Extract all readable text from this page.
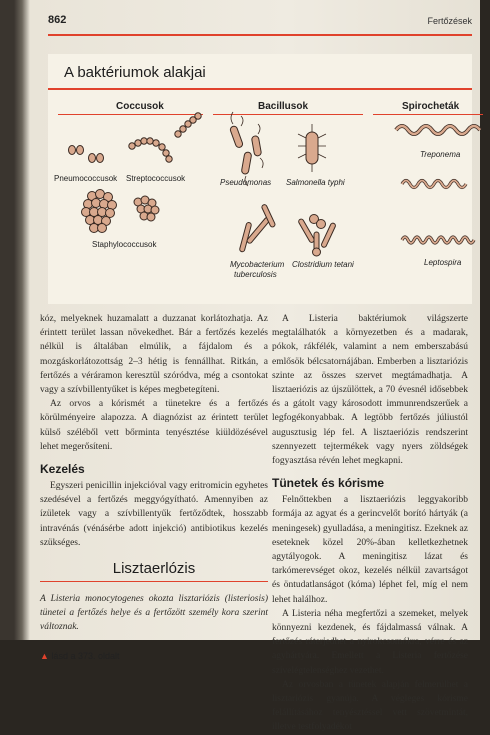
862	Fertőzések
A baktériumok alakjai
Coccusok	Bacillusok	Spirocheták
Pneumococcusok Streptococcusok
Staphylococcusok
Pseudomonas Salmonella typhi
Mycobacterium
tuberculosis
Clostridium tetani
Treponema
Leptospira

kóz, melyeknek huzamalatt a duzzanat korlátozhatja. Az érintett terület lassan növekedhet. Bár a fertőzés kezelés nélkül is általában elmúlik, a fájdalom és a mozgáskorlátozottság 2–3 hétig is fennállhat. Ritkán, a fertőzés a véráramon keresztül szóródva, még a csontokat vagy a szívbillentyűket is képes megbetegíteni.

Az orvos a kórismét a tünetekre és a fertőzés körülményeire alapozza. A diagnózist az érintett terület külső széléből vett bőrminta tenyésztése kiüldözésével lehet megerősíteni.

Kezelés

Egyszeri penicillin injekcióval vagy eritromicin egyhetes szedésével a fertőzés meggyógyítható. Amennyiben az ízületek vagy a szívbillentyűk fertőződtek, hosszabb intravénás (vénásérbe adott injekció) antibiotikus kezelés szükséges.

Lisztaerlózis

A Listeria monocytogenes okozta lisztariózis (listeriosis) tünetei a fertőzés helye és a fertőzött személy kora szerint változnak.

▲ lásd a 373. oldalt

A Listeria baktériumok világszerte megtalálhatók a környezetben és a madarak, pókok, rákfélék, valamint a nem emberszabású emlősök bélcsatornájában. Emberben a lisztariózis szinte az összes szervet megtámadhatja. A lisztaeriózis az újszülöttek, a 70 évesnél idősebbek és a gátolt vagy károsodott immunrendszerűek a legfogékonyabbak. A legtöbb fertőzés júliustól augusztusig lép fel. A lisztaeriózis rendszerint szennyezett tejtermékek vagy nyers zöldségek fogyasztása révén lehet megkapni.

Tünetek és kórisme

Felnőttekben a lisztaeriózis leggyakoribb formája az agyat és a gerincvelőt borító hártyák (a meningesek) gyulladása, a meningitisz. Ezeknek az eseteknek közel 20%-ában kelletkezhetnek agytályogok. A meningitisz lázat és tarkómerevséget okoz, kezelés nélkül zavartságot és öntudatlanságot (kóma) léphet fel, míg el nem lehet halálhoz.

A Listeria néha megfertőzi a szemeket, melyek könnyezni kezdenek, és fájdalmassá válnak. A fertőzés ráterjedhet a nyirokcsomókra, vérre és az agyhártyára. Emellett a Listeria fertőzése szívelégtelenséghez vezethet.

Az orvosban a tünetek alapján felmerülhet a lisztariózis gyanúja. A végleges kórisme felállításához tenyésztéssel vett szövetmintát, illetve testfolyadékot
